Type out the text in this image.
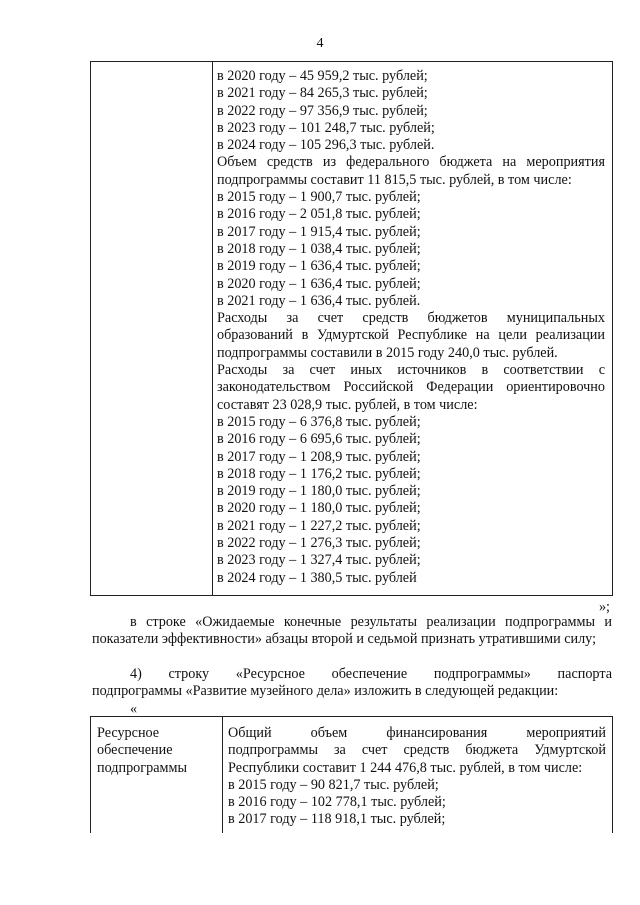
4
в 2020 году – 45 959,2 тыс. рублей;
в 2021 году – 84 265,3 тыс. рублей;
в 2022 году – 97 356,9 тыс. рублей;
в 2023 году – 101 248,7 тыс. рублей;
в 2024 году – 105 296,3 тыс. рублей.
Объем средств из федерального бюджета на мероприятия
подпрограммы составит 11 815,5 тыс. рублей, в том числе:
в 2015 году – 1 900,7 тыс. рублей;
в 2016 году – 2 051,8 тыс. рублей;
в 2017 году – 1 915,4 тыс. рублей;
в 2018 году – 1 038,4 тыс. рублей;
в 2019 году – 1 636,4 тыс. рублей;
в 2020 году – 1 636,4 тыс. рублей;
в 2021 году – 1 636,4 тыс. рублей.
Расходы за счет средств бюджетов муниципальных
образований в Удмуртской Республике на цели реализации
подпрограммы составили в 2015 году 240,0 тыс. рублей.
Расходы за счет иных источников в соответствии с
законодательством Российской Федерации ориентировочно
составят 23 028,9 тыс. рублей, в том числе:
в 2015 году – 6 376,8 тыс. рублей;
в 2016 году – 6 695,6 тыс. рублей;
в 2017 году – 1 208,9 тыс. рублей;
в 2018 году – 1 176,2 тыс. рублей;
в 2019 году – 1 180,0 тыс. рублей;
в 2020 году – 1 180,0 тыс. рублей;
в 2021 году – 1 227,2 тыс. рублей;
в 2022 году – 1 276,3 тыс. рублей;
в 2023 году – 1 327,4 тыс. рублей;
в 2024 году – 1 380,5 тыс. рублей
»;
в строке «Ожидаемые конечные результаты реализации подпрограммы и показатели эффективности» абзацы второй и седьмой признать утратившими силу;
4)   строку   «Ресурсное   обеспечение   подпрограммы»   паспорта подпрограммы «Развитие музейного дела» изложить в следующей редакции:
«
Ресурсное обеспечение подпрограммы
Общий объем финансирования мероприятий
подпрограммы за счет средств бюджета Удмуртской
Республики составит 1 244 476,8 тыс. рублей, в том числе:
в 2015 году – 90 821,7 тыс. рублей;
в 2016 году – 102 778,1 тыс. рублей;
в 2017 году – 118 918,1 тыс. рублей;
